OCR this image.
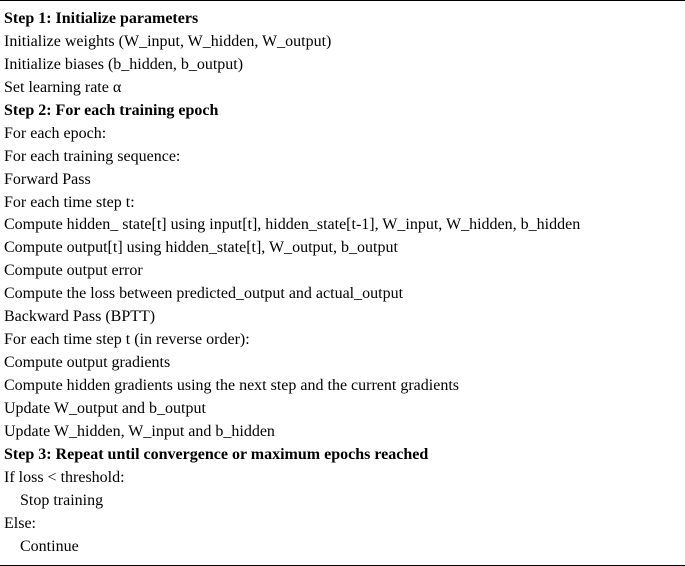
Step 1: Initialize parameters
Initialize weights (W_input, W_hidden, W_output)
Initialize biases (b_hidden, b_output)
Set learning rate α
Step 2: For each training epoch
For each epoch:
For each training sequence:
Forward Pass
For each time step t:
Compute hidden_ state[t] using input[t], hidden_state[t-1], W_input, W_hidden, b_hidden
Compute output[t] using hidden_state[t], W_output, b_output
Compute output error
Compute the loss between predicted_output and actual_output
Backward Pass (BPTT)
For each time step t (in reverse order):
Compute output gradients
Compute hidden gradients using the next step and the current gradients
Update W_output and b_output
Update W_hidden, W_input and b_hidden
Step 3: Repeat until convergence or maximum epochs reached
If loss < threshold:
Stop training
Else:
Continue
